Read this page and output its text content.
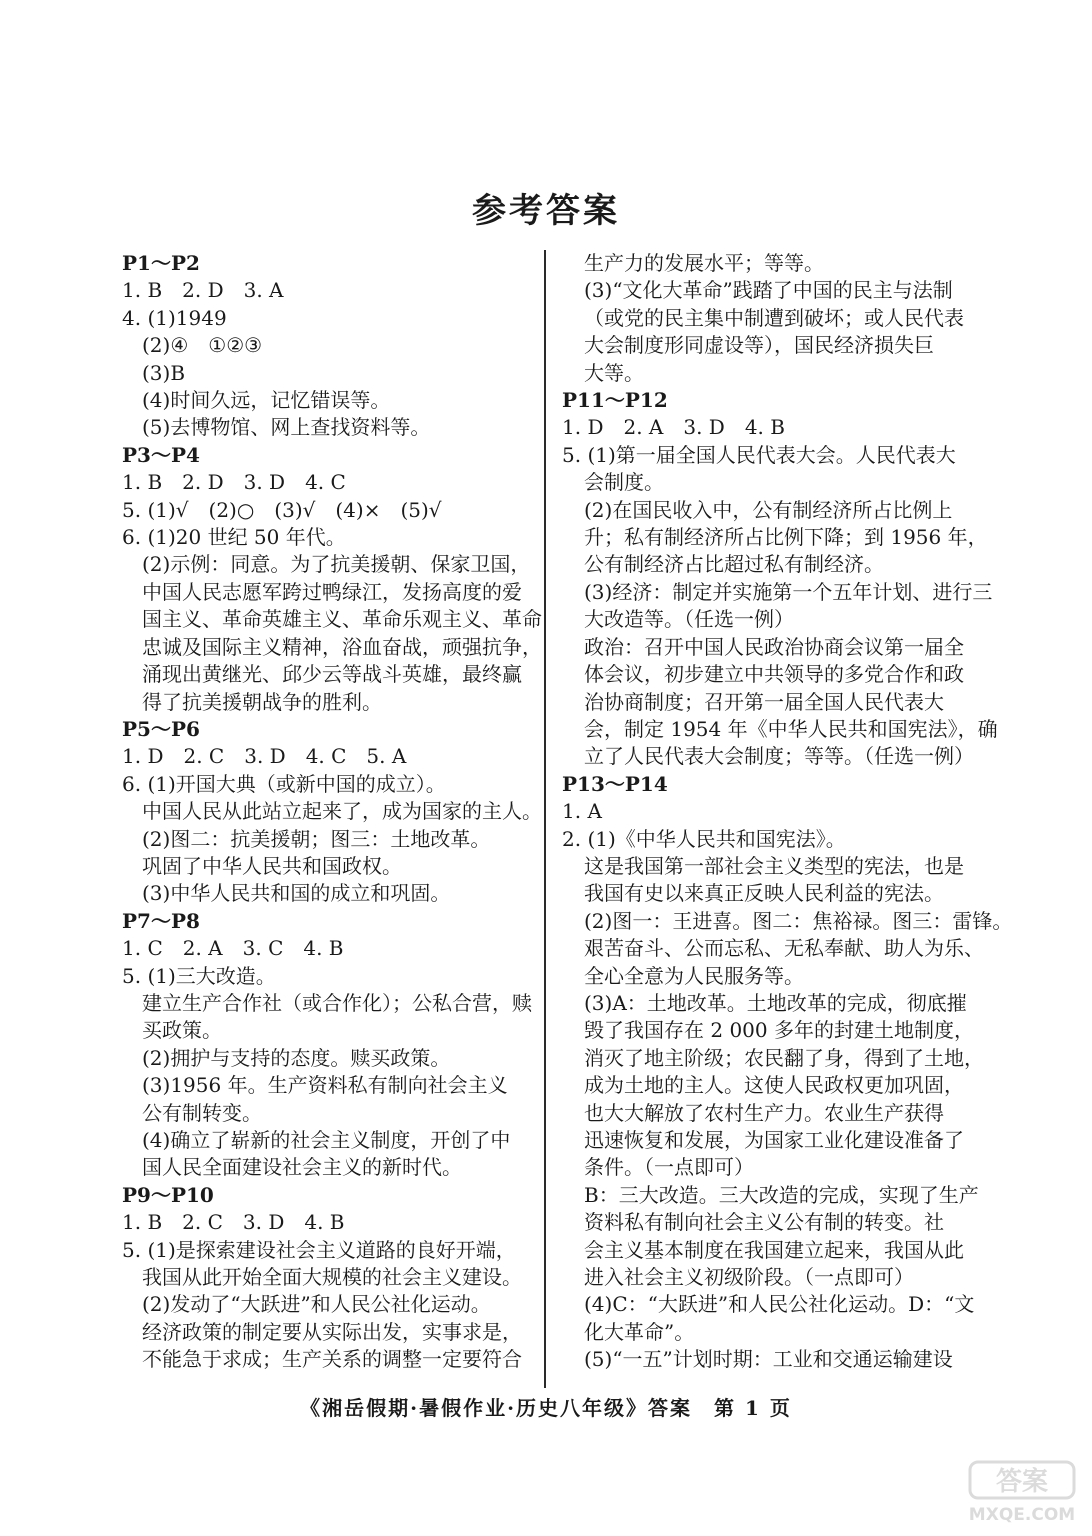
参考答案
P1～P2
1. B　2. D　3. A
4. (1)1949
(2)④　①②③
(3)B
(4)时间久远，记忆错误等。
(5)去博物馆、网上查找资料等。
P3～P4
1. B　2. D　3. D　4. C
5. (1)√　(2)○　(3)√　(4)×　(5)√
6. (1)20 世纪 50 年代。
(2)示例：同意。为了抗美援朝、保家卫国，
中国人民志愿军跨过鸭绿江，发扬高度的爱
国主义、革命英雄主义、革命乐观主义、革命
忠诚及国际主义精神，浴血奋战，顽强抗争，
涌现出黄继光、邱少云等战斗英雄，最终赢
得了抗美援朝战争的胜利。
P5～P6
1. D　2. C　3. D　4. C　5. A
6. (1)开国大典（或新中国的成立）。
中国人民从此站立起来了，成为国家的主人。
(2)图二：抗美援朝；图三：土地改革。
巩固了中华人民共和国政权。
(3)中华人民共和国的成立和巩固。
P7～P8
1. C　2. A　3. C　4. B
5. (1)三大改造。
建立生产合作社（或合作化）；公私合营，赎
买政策。
(2)拥护与支持的态度。赎买政策。
(3)1956 年。生产资料私有制向社会主义
公有制转变。
(4)确立了崭新的社会主义制度，开创了中
国人民全面建设社会主义的新时代。
P9～P10
1. B　2. C　3. D　4. B
5. (1)是探索建设社会主义道路的良好开端，
我国从此开始全面大规模的社会主义建设。
(2)发动了“大跃进”和人民公社化运动。
经济政策的制定要从实际出发，实事求是，
不能急于求成；生产关系的调整一定要符合
生产力的发展水平；等等。
(3)“文化大革命”践踏了中国的民主与法制
（或党的民主集中制遭到破坏；或人民代表
大会制度形同虚设等），国民经济损失巨
大等。
P11～P12
1. D　2. A　3. D　4. B
5. (1)第一届全国人民代表大会。人民代表大
会制度。
(2)在国民收入中，公有制经济所占比例上
升；私有制经济所占比例下降；到 1956 年，
公有制经济占比超过私有制经济。
(3)经济：制定并实施第一个五年计划、进行三
大改造等。（任选一例）
政治：召开中国人民政治协商会议第一届全
体会议，初步建立中共领导的多党合作和政
治协商制度；召开第一届全国人民代表大
会，制定 1954 年《中华人民共和国宪法》，确
立了人民代表大会制度；等等。（任选一例）
P13～P14
1. A
2. (1)《中华人民共和国宪法》。
这是我国第一部社会主义类型的宪法，也是
我国有史以来真正反映人民利益的宪法。
(2)图一：王进喜。图二：焦裕禄。图三：雷锋。
艰苦奋斗、公而忘私、无私奉献、助人为乐、
全心全意为人民服务等。
(3)A：土地改革。土地改革的完成，彻底摧
毁了我国存在 2 000 多年的封建土地制度，
消灭了地主阶级；农民翻了身，得到了土地，
成为土地的主人。这使人民政权更加巩固，
也大大解放了农村生产力。农业生产获得
迅速恢复和发展，为国家工业化建设准备了
条件。（一点即可）
B：三大改造。三大改造的完成，实现了生产
资料私有制向社会主义公有制的转变。社
会主义基本制度在我国建立起来，我国从此
进入社会主义初级阶段。（一点即可）
(4)C：“大跃进”和人民公社化运动。D：“文
化大革命”。
(5)“一五”计划时期：工业和交通运输建设
《湘岳假期·暑假作业·历史八年级》答案　第 1 页
答案
MXQE.COM
